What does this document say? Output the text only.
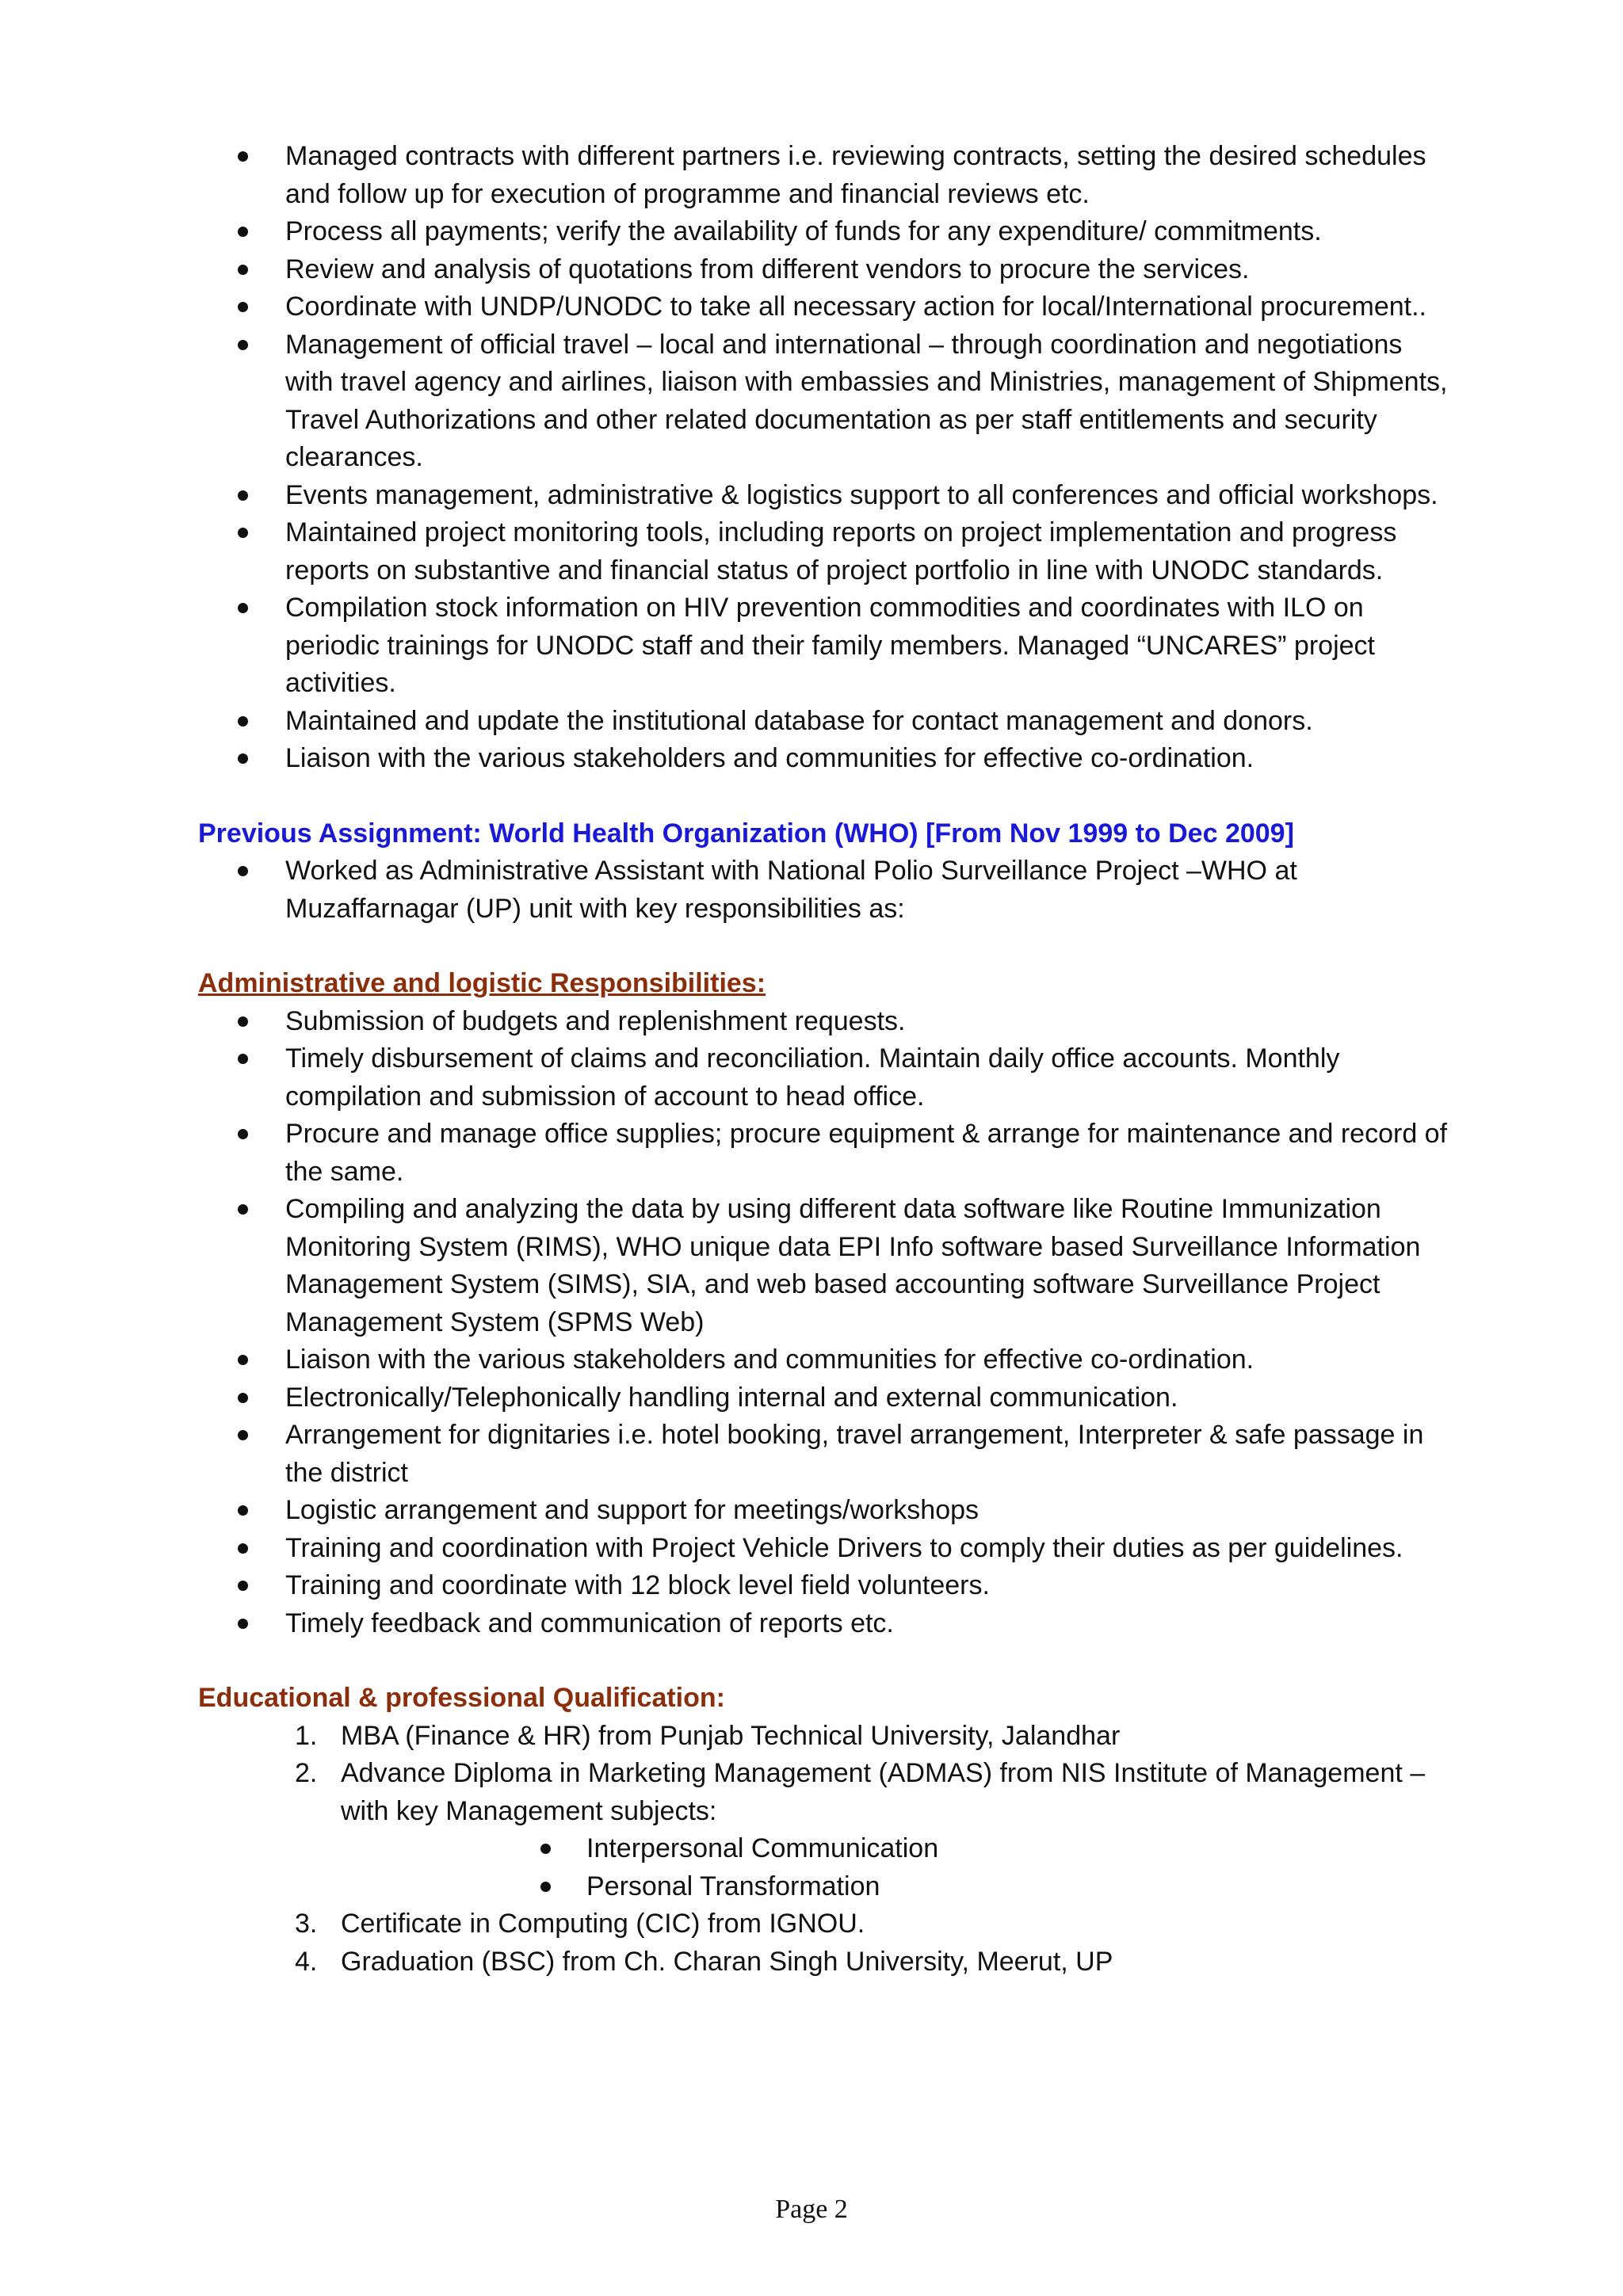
Managed contracts with different partners i.e. reviewing contracts, setting the desired schedules and follow up for execution of programme and financial reviews etc.
Process all payments; verify the availability of funds for any expenditure/ commitments.
Review and analysis of quotations from different vendors to procure the services.
Coordinate with UNDP/UNODC to take all necessary action for local/International procurement..
Management of official travel – local and international – through coordination and negotiations with travel agency and airlines, liaison with embassies and Ministries, management of Shipments, Travel Authorizations and other related documentation as per staff entitlements and security clearances.
Events management, administrative & logistics support to all conferences and official workshops.
Maintained project monitoring tools, including reports on project implementation and progress reports on substantive and financial status of project portfolio in line with UNODC standards.
Compilation stock information on HIV prevention commodities and coordinates with ILO on periodic trainings for UNODC staff and their family members. Managed “UNCARES” project activities.
Maintained and update the institutional database for contact management and donors.
Liaison with the various stakeholders and communities for effective co-ordination.
Previous Assignment: World Health Organization (WHO) [From Nov 1999 to Dec 2009]
Worked as Administrative Assistant with National Polio Surveillance Project –WHO at Muzaffarnagar (UP) unit with key responsibilities as:
Administrative and logistic Responsibilities:
Submission of budgets and replenishment requests.
Timely disbursement of claims and reconciliation. Maintain daily office accounts. Monthly compilation and submission of account to head office.
Procure and manage office supplies; procure equipment & arrange for maintenance and record of the same.
Compiling and analyzing the data by using different data software like Routine Immunization Monitoring System (RIMS), WHO unique data EPI Info software based Surveillance Information Management System (SIMS), SIA, and web based accounting software Surveillance Project Management System (SPMS Web)
Liaison with the various stakeholders and communities for effective co-ordination.
Electronically/Telephonically handling internal and external communication.
Arrangement for dignitaries i.e. hotel booking, travel arrangement, Interpreter & safe passage in the district
Logistic arrangement and support for meetings/workshops
Training and coordination with Project Vehicle Drivers to comply their duties as per guidelines.
Training and coordinate with 12 block level field volunteers.
Timely feedback and communication of reports etc.
Educational & professional Qualification:
1. MBA (Finance & HR) from Punjab Technical University, Jalandhar
2. Advance Diploma in Marketing Management (ADMAS) from NIS Institute of Management – with key Management subjects:
Interpersonal Communication
Personal Transformation
3. Certificate in Computing (CIC) from IGNOU.
4. Graduation (BSC) from Ch. Charan Singh University, Meerut, UP
Page 2
